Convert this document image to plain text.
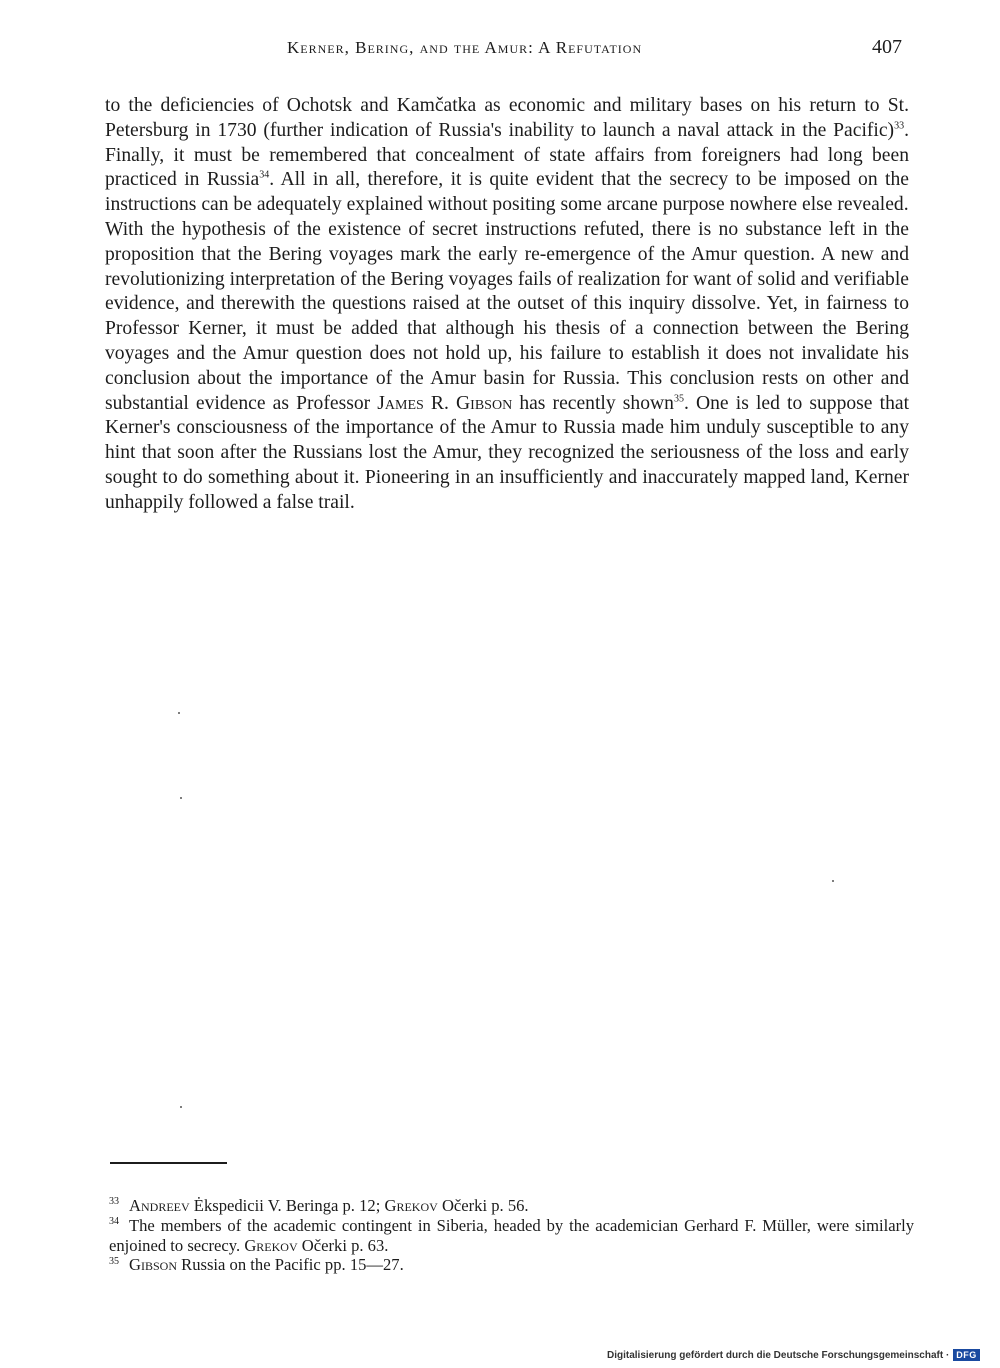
Kerner, Bering, and the Amur: A Refutation	407

to the deficiencies of Ochotsk and Kamčatka as economic and military bases on his return to St. Petersburg in 1730 (further indication of Russia's inability to launch a naval attack in the Pacific)$^{33}$. Finally, it must be remembered that concealment of state affairs from foreigners had long been practiced in Russia$^{34}$. All in all, therefore, it is quite evident that the secrecy to be imposed on the instructions can be adequately explained without positing some arcane purpose nowhere else revealed.

With the hypothesis of the existence of secret instructions refuted, there is no substance left in the proposition that the Bering voyages mark the early re-emergence of the Amur question. A new and revolutionizing interpretation of the Bering voyages fails of realization for want of solid and verifiable evidence, and therewith the questions raised at the outset of this inquiry dissolve. Yet, in fairness to Professor Kerner, it must be added that although his thesis of a connection between the Bering voyages and the Amur question does not hold up, his failure to establish it does not invalidate his conclusion about the importance of the Amur basin for Russia. This conclusion rests on other and substantial evidence as Professor James R. Gibson has recently shown$^{35}$. One is led to suppose that Kerner's consciousness of the importance of the Amur to Russia made him unduly susceptible to any hint that soon after the Russians lost the Amur, they recognized the seriousness of the loss and early sought to do something about it. Pioneering in an insufficiently and inaccurately mapped land, Kerner unhappily followed a false trail.

33 Andreev Ėkspedicii V. Beringa p. 12; Grekov Očerki p. 56.

34 The members of the academic contingent in Siberia, headed by the academician Gerhard F. Müller, were similarly enjoined to secrecy. Grekov Očerki p. 63.

35 Gibson Russia on the Pacific pp. 15—27.

Digitalisierung gefördert durch die Deutsche Forschungsgemeinschaft · DFG
